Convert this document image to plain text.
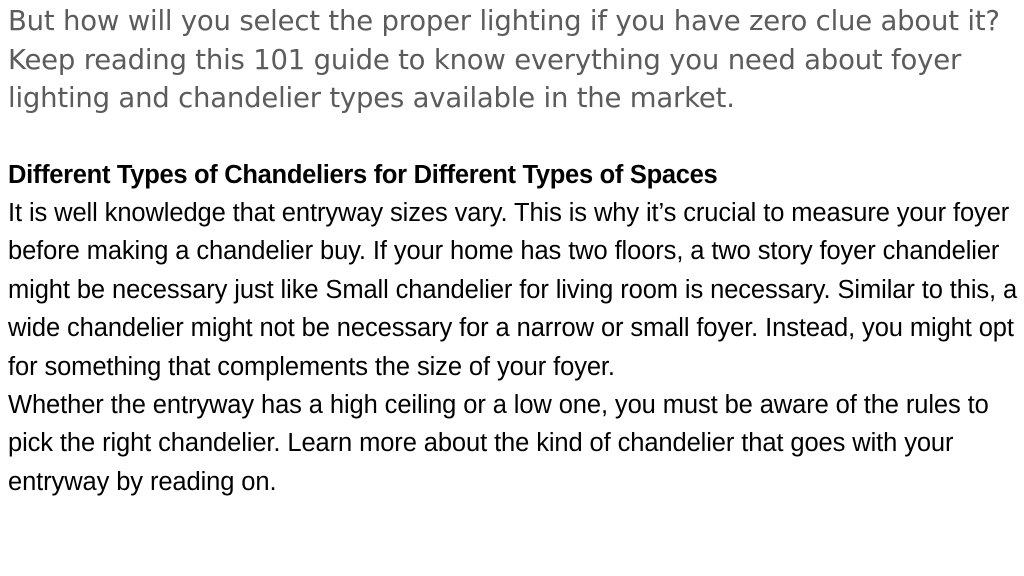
But how will you select the proper lighting if you have zero clue about it? Keep reading this 101 guide to know everything you need about foyer lighting and chandelier types available in the market.

Different Types of Chandeliers for Different Types of Spaces

It is well knowledge that entryway sizes vary. This is why it’s crucial to measure your foyer before making a chandelier buy. If your home has two floors, a two story foyer chandelier might be necessary just like Small chandelier for living room is necessary. Similar to this, a wide chandelier might not be necessary for a narrow or small foyer. Instead, you might opt for something that complements the size of your foyer.

Whether the entryway has a high ceiling or a low one, you must be aware of the rules to pick the right chandelier. Learn more about the kind of chandelier that goes with your entryway by reading on.
